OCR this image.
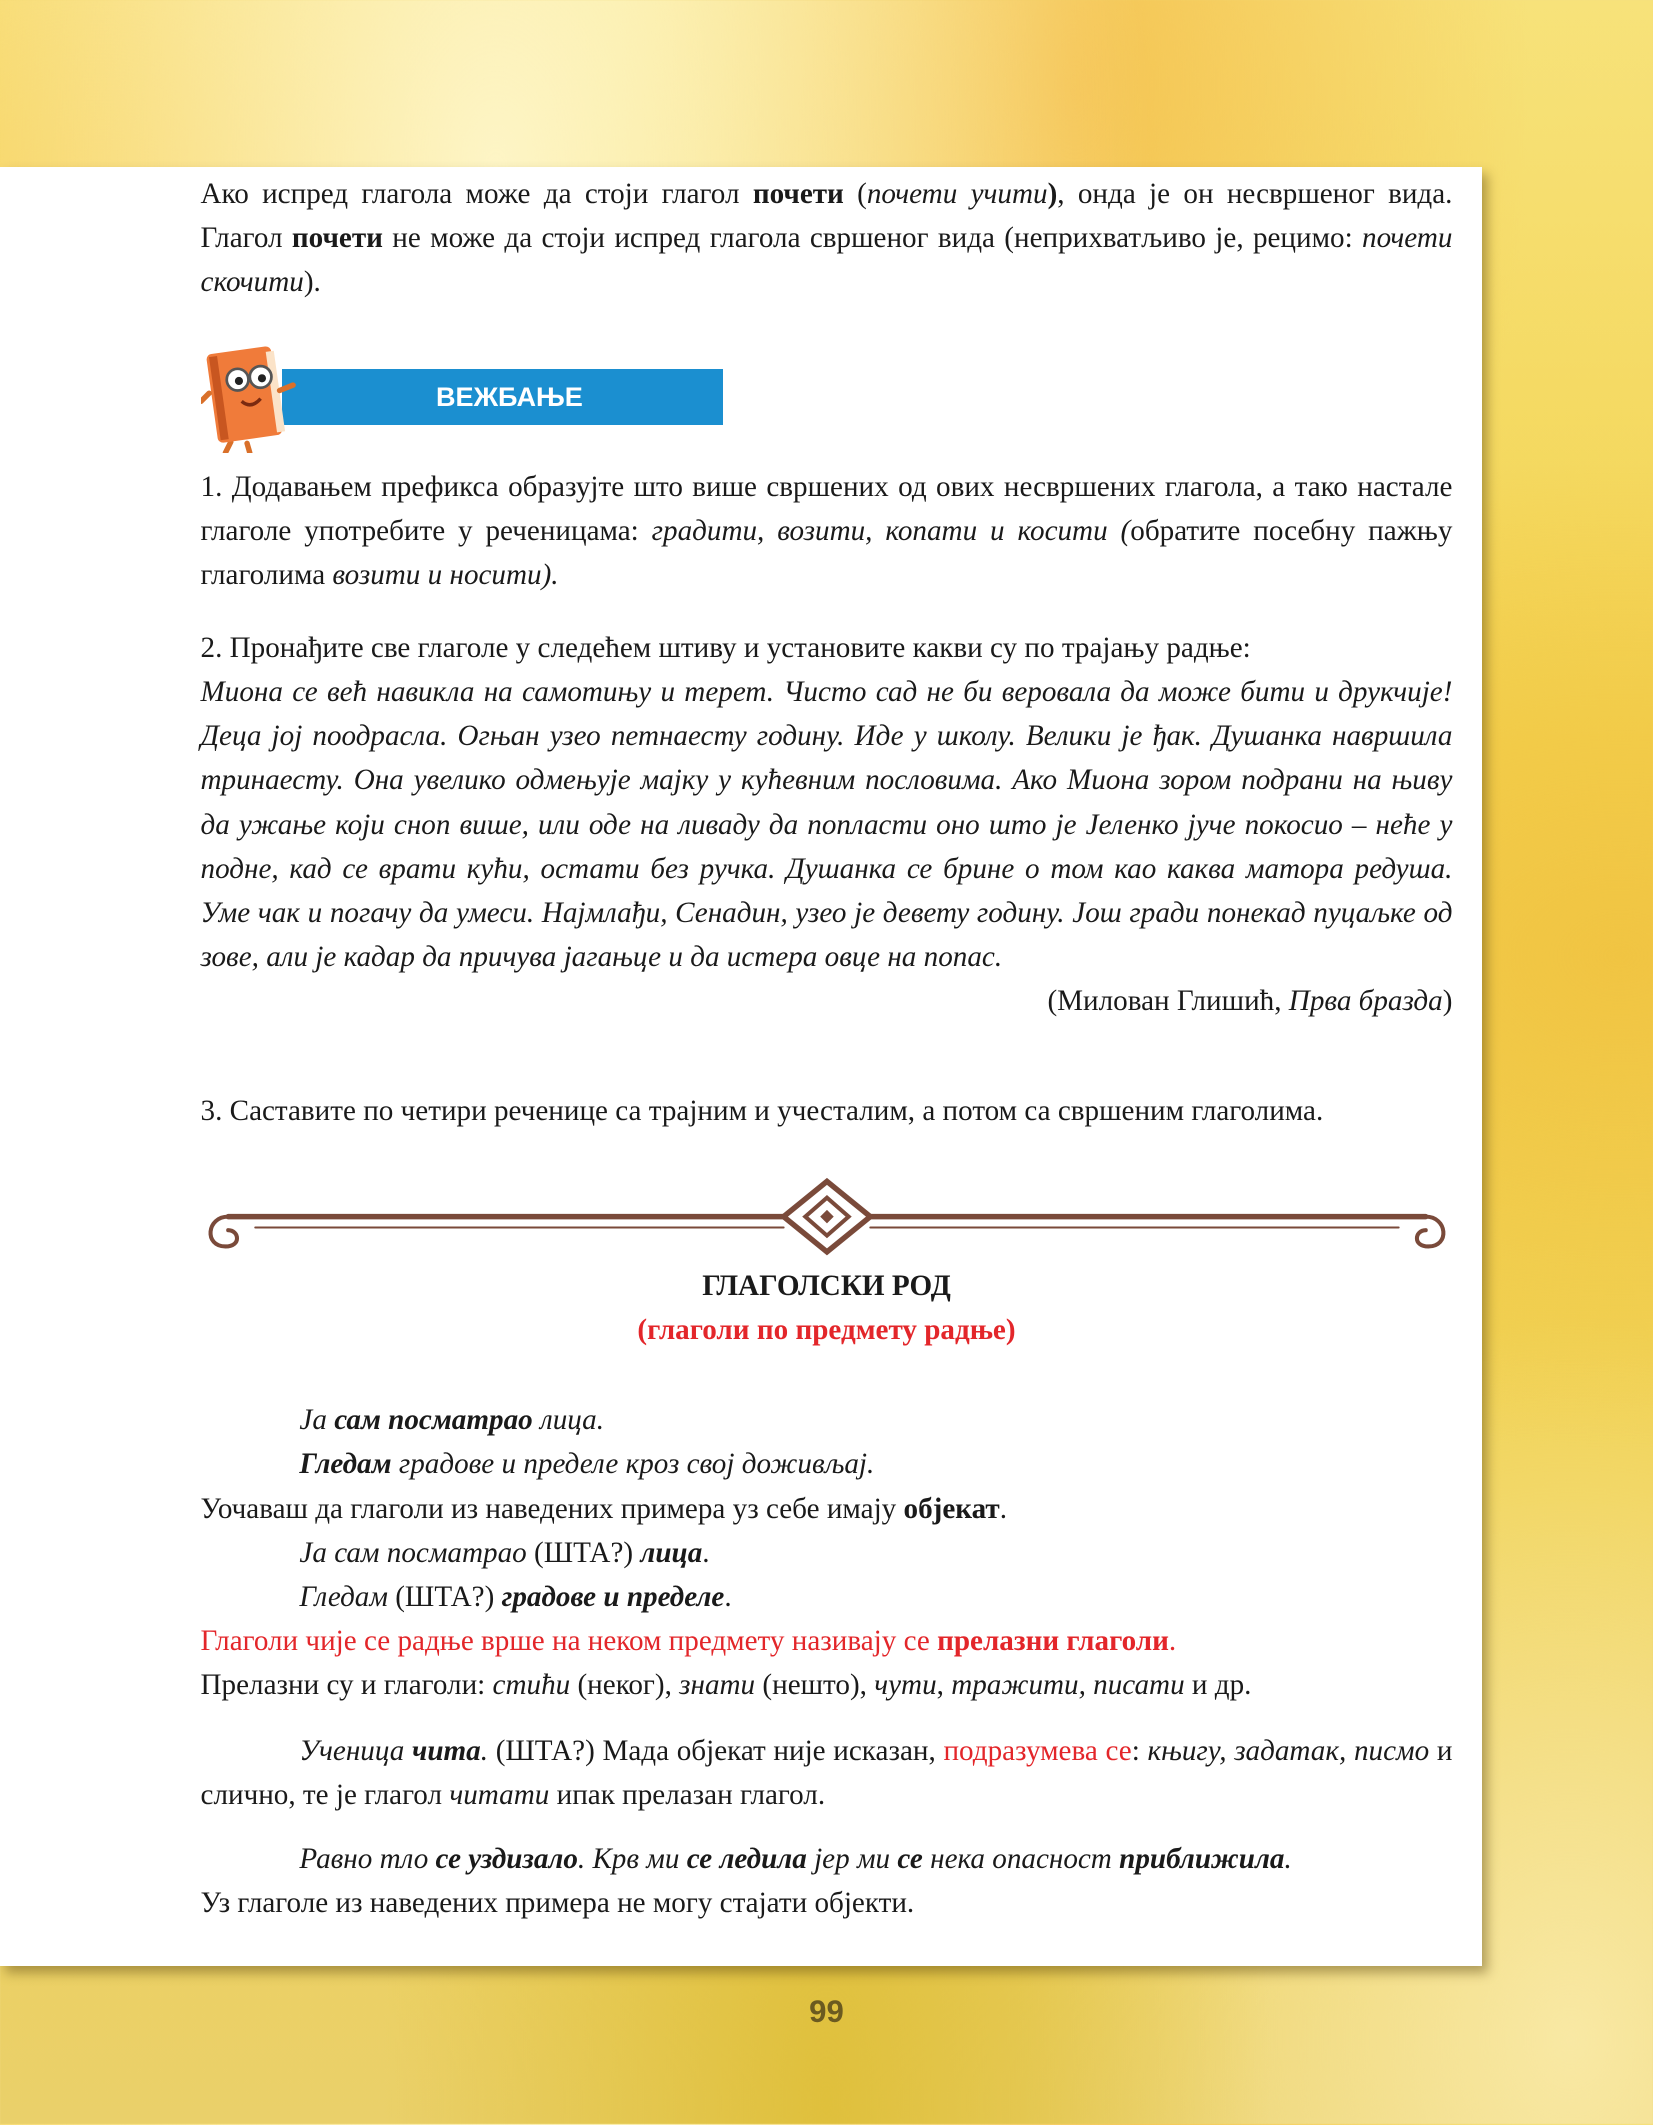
Ако испред глагола може да стоји глагол почети (почети учити), онда је он несвршеног вида. Глагол почети не може да стоји испред глагола свршеног вида (неприхватљиво је, рецимо: почети скочити).

ВЕЖБАЊЕ

1. Додавањем префикса образујте што више свршених од ових несвршених глагола, а тако настале глаголе употребите у реченицама: градити, возити, копати и косити (обратите посебну пажњу глаголима возити и носити).

2. Пронађите све глаголе у следећем штиву и установите какви су по трајању радње:

Миона се већ навикла на самотињу и терет. Чисто сад не би веровала да може бити и друкчије! Деца јој поодрасла. Огњан узео петнаесту годину. Иде у школу. Велики је ђак. Душанка навршила тринаесту. Она увелико одмењује мајку у кућевним пословима. Ако Миона зором подрани на њиву да ужање који сноп више, или оде на ливаду да попласти оно што је Јеленко јуче покосио – неће у подне, кад се врати кући, остати без ручка. Душанка се брине о том као каква матора редуша. Уме чак и погачу да умеси. Најмлађи, Сенадин, узео је девету годину. Још гради понекад пуцаљке од зове, али је кадар да причува јагањце и да истера овце на попас.

(Милован Глишић, Прва бразда)

3. Саставите по четири реченице са трајним и учесталим, а потом са свршеним глаголима.

ГЛАГОЛСКИ РОД

(глаголи по предмету радње)

Ја сам посматрао лица.

Гледам градове и пределе кроз свој доживљај.

Уочаваш да глаголи из наведених примера уз себе имају објекат.

Ја сам посматрао (ШТА?) лица.

Гледам (ШТА?) градове и пределе.

Глаголи чије се радње врше на неком предмету називају се прелазни глаголи.

Прелазни су и глаголи: стићи (неког), знати (нешто), чути, тражити, писати и др.

Ученица чита. (ШТА?) Мада објекат није исказан, подразумева се: књигу, задатак, писмо и слично, те је глагол читати ипак прелазан глагол.

Равно тло се уздизало. Крв ми се ледила јер ми се нека опасност приближила.

Уз глаголе из наведених примера не могу стајати објекти.

99
